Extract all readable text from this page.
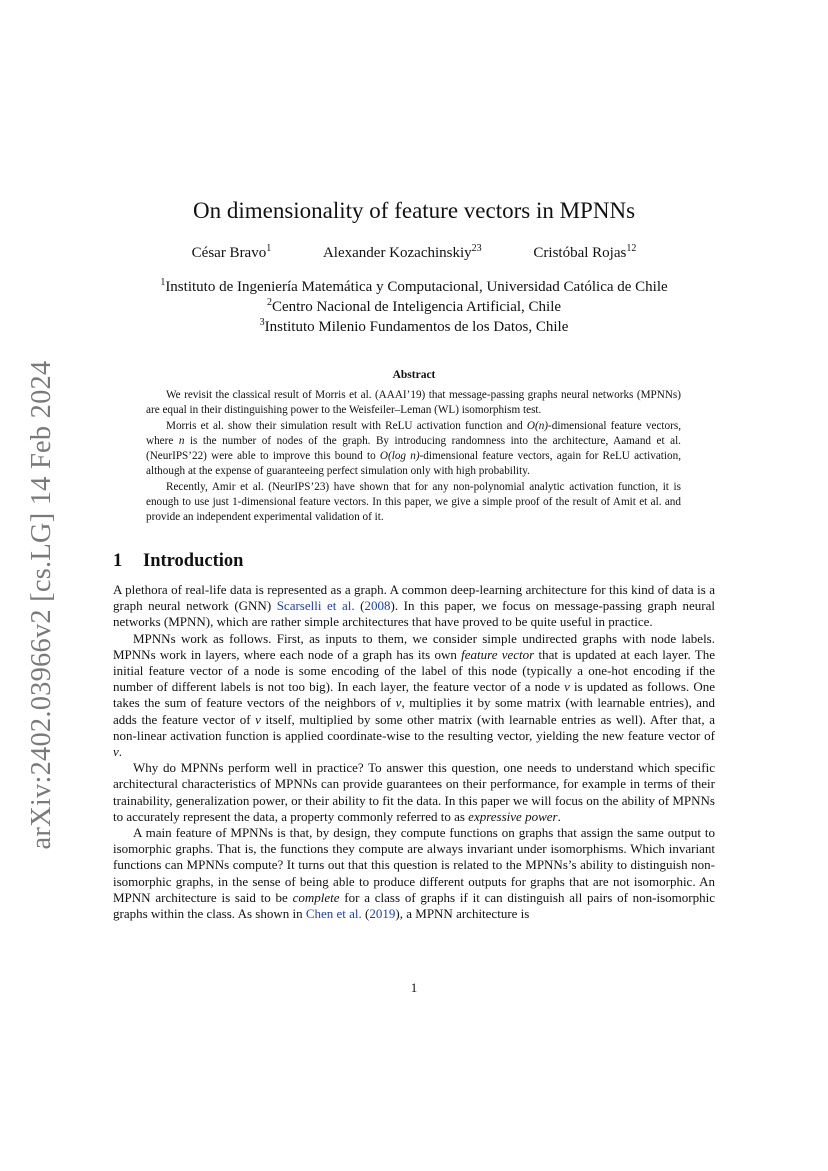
arXiv:2402.03966v2 [cs.LG] 14 Feb 2024
On dimensionality of feature vectors in MPNNs
César Bravo$^1$	Alexander Kozachinskiy$^{23}$	Cristóbal Rojas$^{12}$
$^1$Instituto de Ingeniería Matemática y Computacional, Universidad Católica de Chile
$^2$Centro Nacional de Inteligencia Artificial, Chile
$^3$Instituto Milenio Fundamentos de los Datos, Chile
Abstract

We revisit the classical result of Morris et al. (AAAI’19) that message-passing graphs neural networks (MPNNs) are equal in their distinguishing power to the Weisfeiler–Leman (WL) isomorphism test.

Morris et al. show their simulation result with ReLU activation function and O(n)-dimensional feature vectors, where n is the number of nodes of the graph. By introducing randomness into the architecture, Aamand et al. (NeurIPS’22) were able to improve this bound to O(log n)-dimensional feature vectors, again for ReLU activation, although at the expense of guaranteeing perfect simulation only with high probability.

Recently, Amir et al. (NeurIPS’23) have shown that for any non-polynomial analytic activation function, it is enough to use just 1-dimensional feature vectors. In this paper, we give a simple proof of the result of Amit et al. and provide an independent experimental validation of it.

1 Introduction

A plethora of real-life data is represented as a graph. A common deep-learning architecture for this kind of data is a graph neural network (GNN) Scarselli et al. (2008). In this paper, we focus on message-passing graph neural networks (MPNN), which are rather simple architectures that have proved to be quite useful in practice.

MPNNs work as follows. First, as inputs to them, we consider simple undirected graphs with node labels. MPNNs work in layers, where each node of a graph has its own feature vector that is updated at each layer. The initial feature vector of a node is some encoding of the label of this node (typically a one-hot encoding if the number of different labels is not too big). In each layer, the feature vector of a node v is updated as follows. One takes the sum of feature vectors of the neighbors of v, multiplies it by some matrix (with learnable entries), and adds the feature vector of v itself, multiplied by some other matrix (with learnable entries as well). After that, a non-linear activation function is applied coordinate-wise to the resulting vector, yielding the new feature vector of v.

Why do MPNNs perform well in practice? To answer this question, one needs to understand which specific architectural characteristics of MPNNs can provide guarantees on their performance, for example in terms of their trainability, generalization power, or their ability to fit the data. In this paper we will focus on the ability of MPNNs to accurately represent the data, a property commonly referred to as expressive power.

A main feature of MPNNs is that, by design, they compute functions on graphs that assign the same output to isomorphic graphs. That is, the functions they compute are always invariant under isomorphisms. Which invariant functions can MPNNs compute? It turns out that this question is related to the MPNNs’s ability to distinguish non-isomorphic graphs, in the sense of being able to produce different outputs for graphs that are not isomorphic. An MPNN architecture is said to be complete for a class of graphs if it can distinguish all pairs of non-isomorphic graphs within the class. As shown in Chen et al. (2019), a MPNN architecture is

1
